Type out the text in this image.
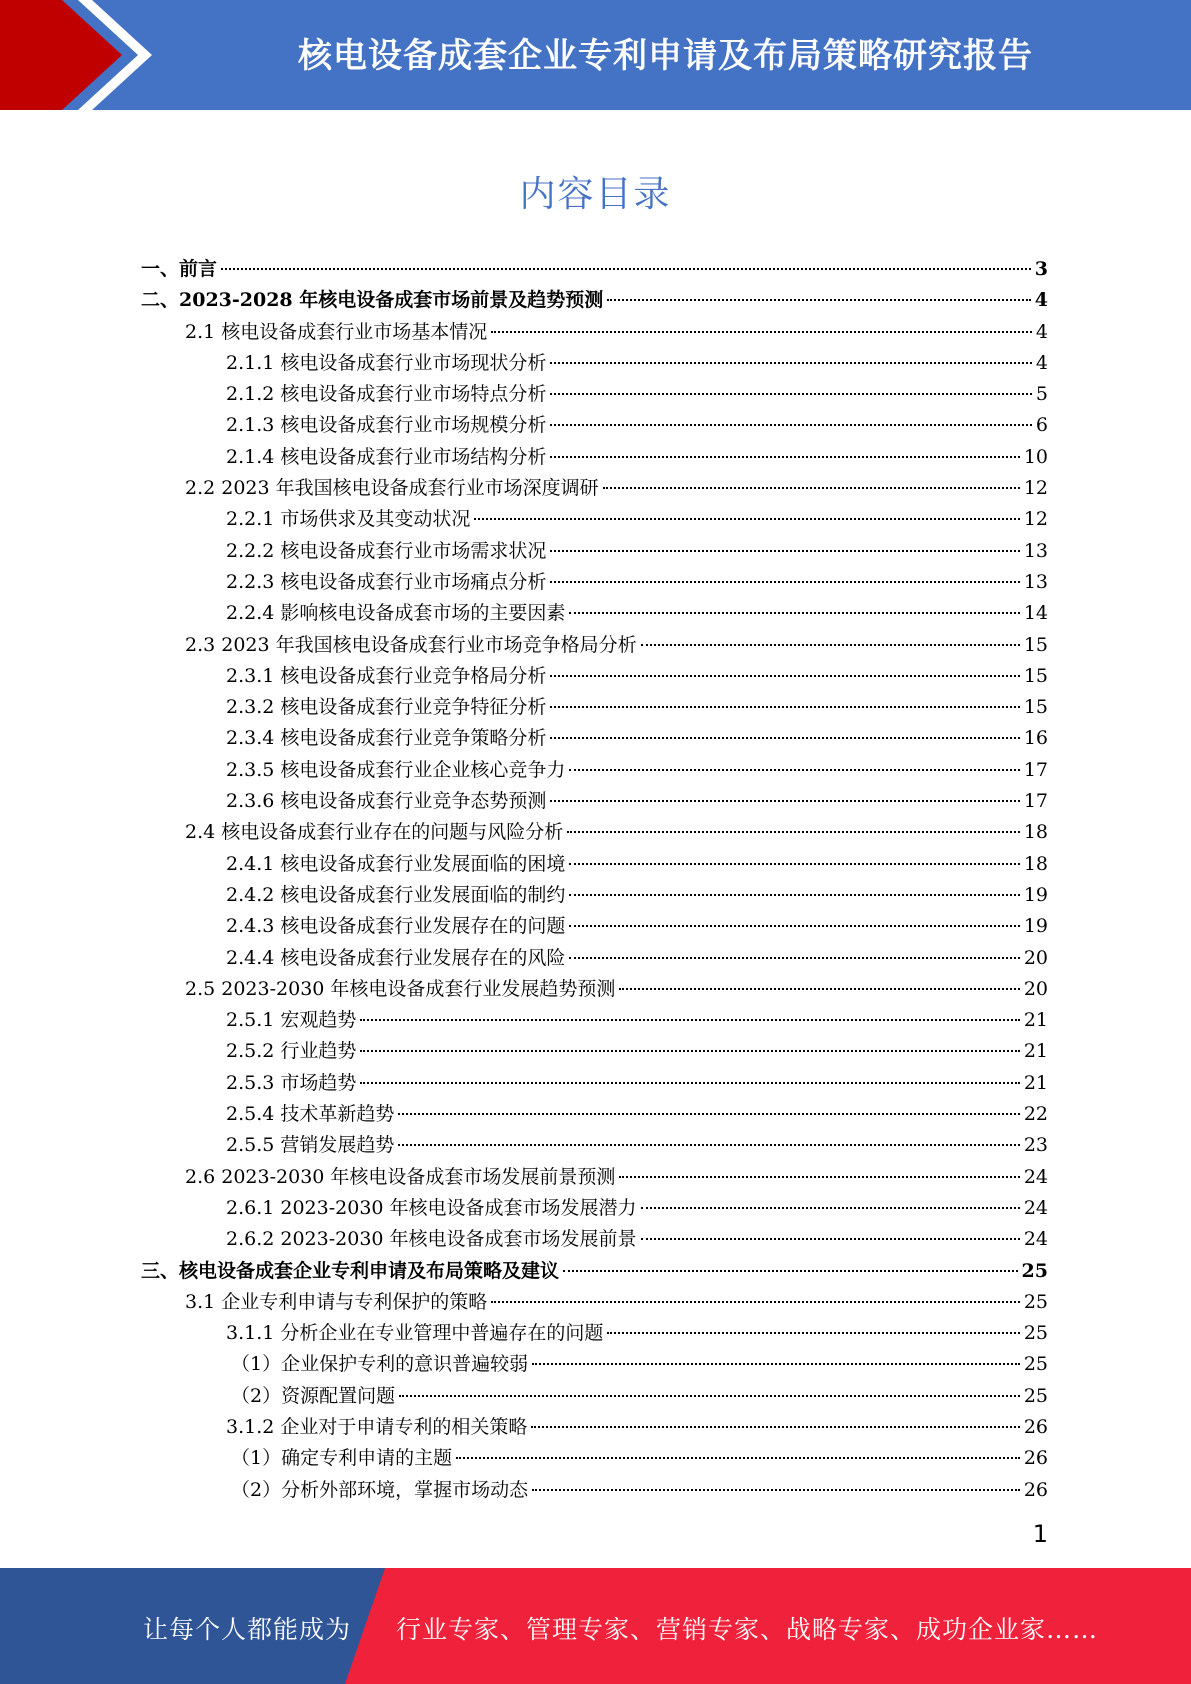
核电设备成套企业专利申请及布局策略研究报告
内容目录
一、前言	3
二、2023-2028 年核电设备成套市场前景及趋势预测	4
2.1 核电设备成套行业市场基本情况	4
2.1.1 核电设备成套行业市场现状分析	4
2.1.2 核电设备成套行业市场特点分析	5
2.1.3 核电设备成套行业市场规模分析	6
2.1.4 核电设备成套行业市场结构分析	10
2.2 2023 年我国核电设备成套行业市场深度调研	12
2.2.1 市场供求及其变动状况	12
2.2.2 核电设备成套行业市场需求状况	13
2.2.3 核电设备成套行业市场痛点分析	13
2.2.4 影响核电设备成套市场的主要因素	14
2.3 2023 年我国核电设备成套行业市场竞争格局分析	15
2.3.1 核电设备成套行业竞争格局分析	15
2.3.2 核电设备成套行业竞争特征分析	15
2.3.4 核电设备成套行业竞争策略分析	16
2.3.5 核电设备成套行业企业核心竞争力	17
2.3.6 核电设备成套行业竞争态势预测	17
2.4 核电设备成套行业存在的问题与风险分析	18
2.4.1 核电设备成套行业发展面临的困境	18
2.4.2 核电设备成套行业发展面临的制约	19
2.4.3 核电设备成套行业发展存在的问题	19
2.4.4 核电设备成套行业发展存在的风险	20
2.5 2023-2030 年核电设备成套行业发展趋势预测	20
2.5.1 宏观趋势	21
2.5.2 行业趋势	21
2.5.3 市场趋势	21
2.5.4 技术革新趋势	22
2.5.5 营销发展趋势	23
2.6 2023-2030 年核电设备成套市场发展前景预测	24
2.6.1 2023-2030 年核电设备成套市场发展潜力	24
2.6.2 2023-2030 年核电设备成套市场发展前景	24
三、核电设备成套企业专利申请及布局策略及建议	25
3.1 企业专利申请与专利保护的策略	25
3.1.1 分析企业在专业管理中普遍存在的问题	25
（1）企业保护专利的意识普遍较弱	25
（2）资源配置问题	25
3.1.2 企业对于申请专利的相关策略	26
（1）确定专利申请的主题	26
（2）分析外部环境，掌握市场动态	26
1
让每个人都能成为 行业专家、管理专家、营销专家、战略专家、成功企业家……
